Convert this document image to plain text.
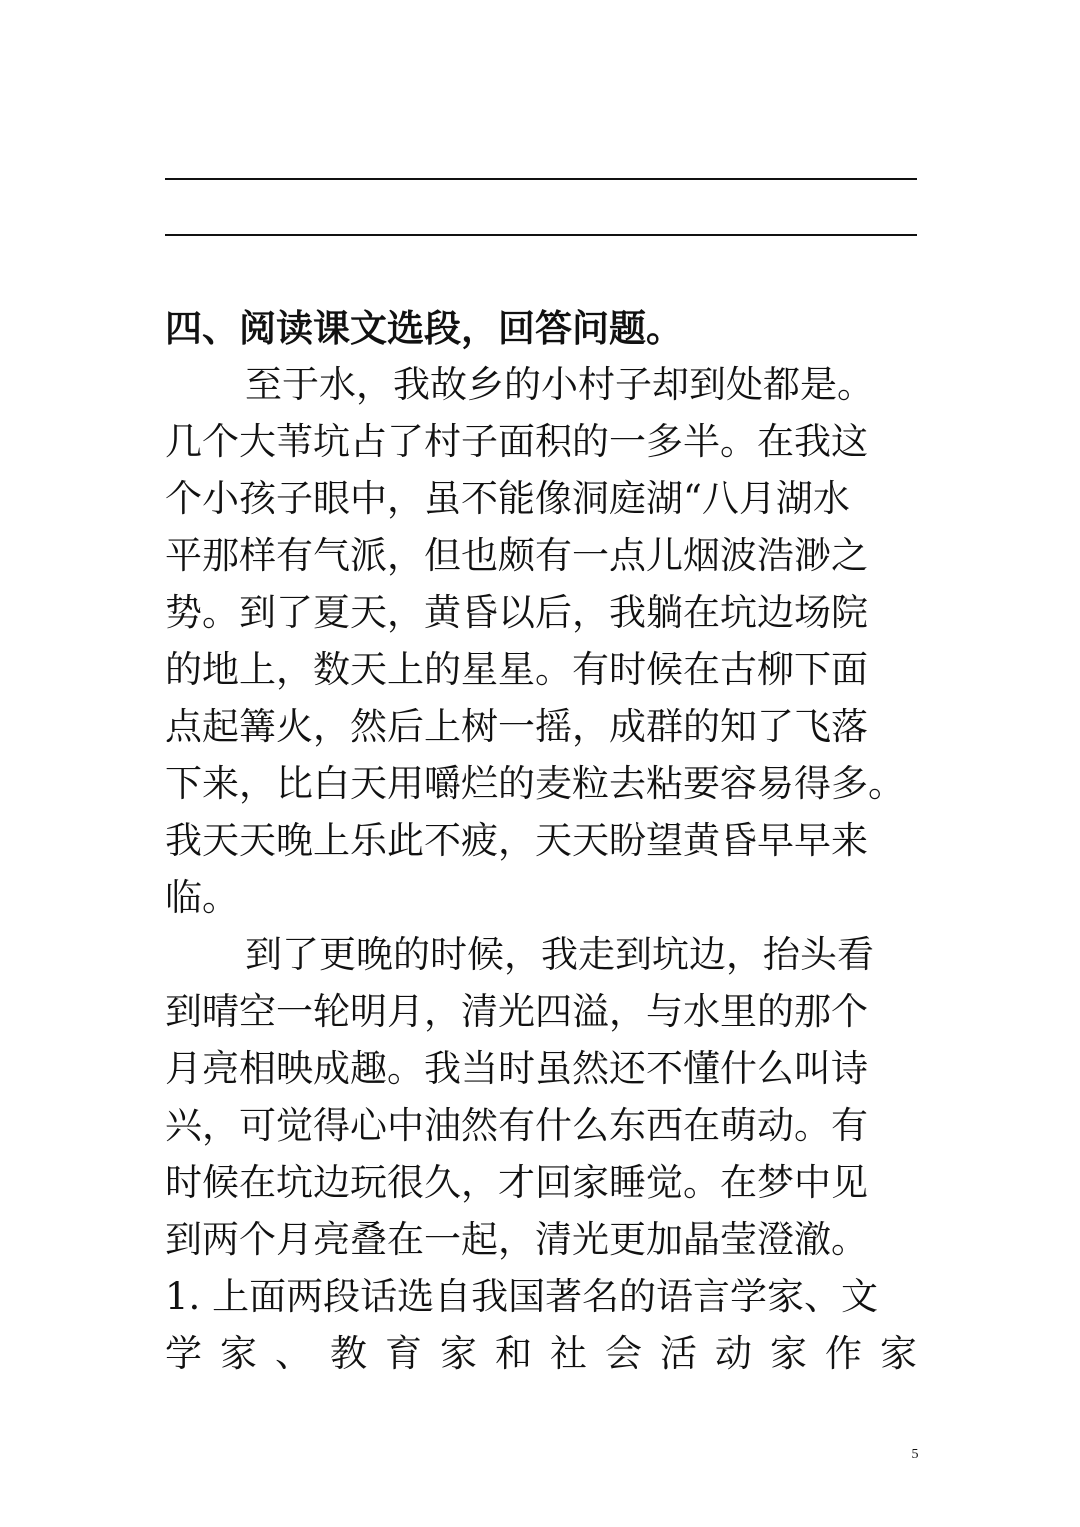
四、阅读课文选段，回答问题。
至于水，我故乡的小村子却到处都是。
几个大苇坑占了村子面积的一多半。在我这
个小孩子眼中，虽不能像洞庭湖“八月湖水
平那样有气派，但也颇有一点儿烟波浩渺之
势。到了夏天，黄昏以后，我躺在坑边场院
的地上，数天上的星星。有时候在古柳下面
点起篝火，然后上树一摇，成群的知了飞落
下来，比白天用嚼烂的麦粒去粘要容易得多。
我天天晚上乐此不疲，天天盼望黄昏早早来
临。
到了更晚的时候，我走到坑边，抬头看
到晴空一轮明月，清光四溢，与水里的那个
月亮相映成趣。我当时虽然还不懂什么叫诗
兴，可觉得心中油然有什么东西在萌动。有
时候在坑边玩很久，才回家睡觉。在梦中见
到两个月亮叠在一起，清光更加晶莹澄澈。
1. 上面两段话选自我国著名的语言学家、文
学 家 、 教 育 家 和 社 会 活 动 家 作 家
5
